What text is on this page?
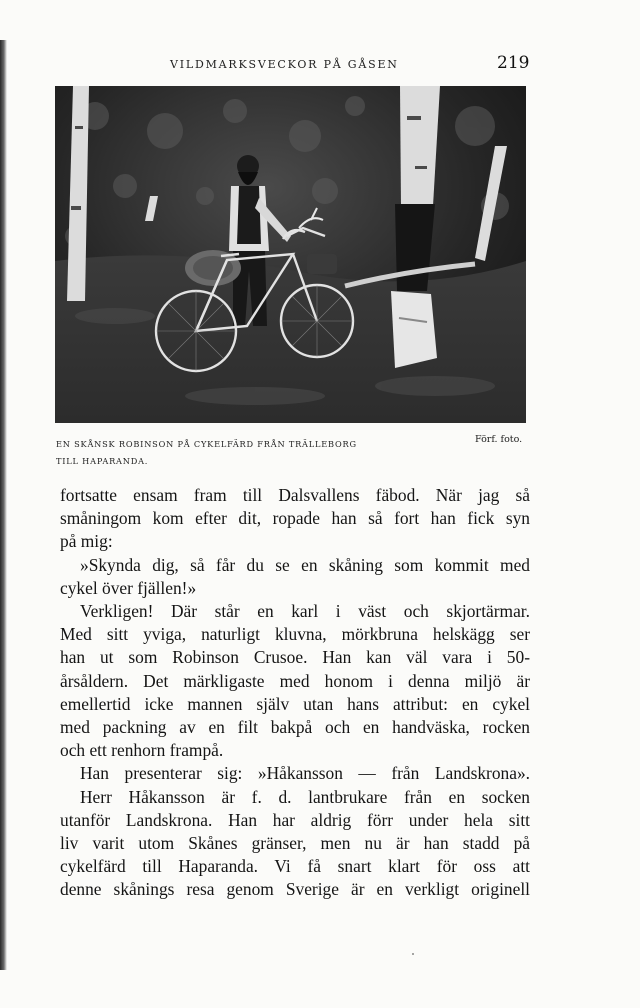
VILDMARKSVECKOR PÅ GÅSEN	219
EN SKÅNSK ROBINSON PÅ CYKELFÄRD FRÅN TRÄLLEBORG
TILL HAPARANDA.
Förf. foto.
fortsatte ensam fram till Dalsvallens fäbod. När jag så
småningom kom efter dit, ropade han så fort han fick syn
på mig:
»Skynda dig, så får du se en skåning som kommit med
cykel över fjällen!»
Verkligen! Där står en karl i väst och skjortärmar.
Med sitt yviga, naturligt kluvna, mörkbruna helskägg ser
han ut som Robinson Crusoe. Han kan väl vara i 50-
årsåldern. Det märkligaste med honom i denna miljö är
emellertid icke mannen själv utan hans attribut: en cykel
med packning av en filt bakpå och en handväska, rocken
och ett renhorn frampå.
Han presenterar sig: »Håkansson — från Landskrona».
Herr Håkansson är f. d. lantbrukare från en socken
utanför Landskrona. Han har aldrig förr under hela sitt
liv varit utom Skånes gränser, men nu är han stadd på
cykelfärd till Haparanda. Vi få snart klart för oss att
denne skånings resa genom Sverige är en verkligt originell
